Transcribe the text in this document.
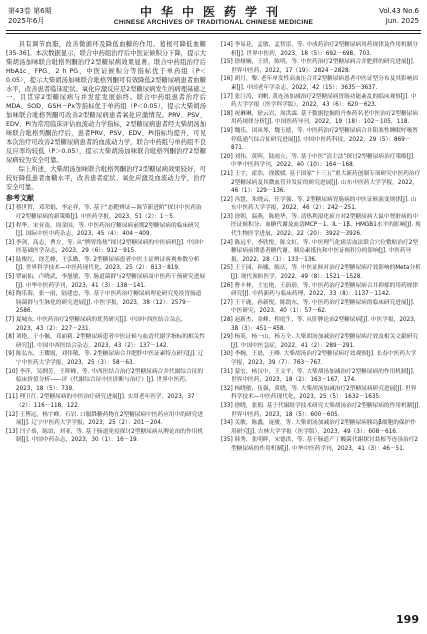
第43卷 第6期
2025年6月
中华中医药学刊
CHINESE ARCHIVES OF TRADITIONAL CHINESE MEDICINE
Vol.43 No.6
Jun. 2025

具有调节血脂，改善微循环及降低血糖的作用。葛根可降低血糖[35-36]。本次数据显示，联合中药组治疗后中医证候积分下降，提示大柴胡汤加味联合吡格列酮治疗2型糖尿病效果显著。联合中药组治疗后HbA1c、FPG、2 h PG、中医证候积分等指标优于单药组（P＜0.05），提示大柴胡汤加味联合吡格列酮可有效降低2型糖尿病患者血糖水平，改善患者临床症状。氧化应激反应是2型糖尿病发生的病理基础之一，且贯穿2型糖尿病与并发症发展始终。联合中药组患者治疗后MDA、SOD、GSH－Px等指标优于单药组（P＜0.05），提示大柴胡汤加味联合吡格列酮可改善2型糖尿病患者氧化应激情况。PRV、PSV、EDV、PI为常用临床评估血流动力学指标，2型糖尿病患者经大柴胡汤加味联合吡格列酮治疗后，患者PRV、PSV、EDV、PI指标均提升，可见本次治疗可改善2型糖尿病患者的血流动力学，联合中药组与单药组不良反应率均较低（P＞0.05），提示大柴胡汤加味联合吡格列酮治疗2型糖尿病较为安全可靠。

综上所述，大柴胡汤加味联合吡格列酮治疗2型糖尿病效果较好，可较好降低患者血糖水平，改善患者症状、氧化应激及血流动力学，治疗安全可靠。

参考文献

[1] 蔡世哲，邓荣娟，李定祥，等. 基于“态靶辨证—调节新进阶”探讨中医药治疗2型糖尿病的新策略[J]. 中医药学报，2023，51（2）：1－5.

[2] 程华，宋亚南，周金国，等. 中医药治疗糖尿病前期2型糖尿病的临床研究[J]. 国际中医中药杂志，2023，45（4）：404－409.

[3] 李剑，高志，曹方，等. 从“脾胃络热”探讨2型糖尿病的中医病机[J]. 中国中医基础医学杂志，2023，29（6）：912－915.

[4] 陆俊红，徐艺峰，王弘勤，等. 2型糖尿病患者中医主证辨证客观参数分析[J]. 世界科学技术—中医药现代化，2023，25（2）：813－819.

[5] 覃丽仙，卢晓武，李旭敏，等. 肠道菌群与2型糖尿病及中医药干预研究进展[J]. 中华中医药学刊，2023，41（3）：138－141.

[6] 陶乐海，张一雨，陆建忠，等. 基于中医药治疗糖尿病理论研究免疫胃肠道肠菌群与生脉化的研究进展[J]. 中医学报，2023，38（12）：2579－2586.

[7] 夏城东. 中医药治疗2型糖尿病的优势研究[J]. 中国中西医结合杂志，2023，43（2）：227－231.

[8] 刘艳，于小佩，邓丽莉. 2型糖尿病患者中医证候与血清代谢学指标的相关性研究[J]. 中国中西医结合杂志，2023，43（2）：137－142.

[9] 陈弘东，王耀霞，刘伟敬，等. 2型糖尿病合并肥胖中医证素特点研究[J]. 辽宁中医药大学学报，2023，25（3）：58－63.

[10] 李萍，吴纲芳，王晖峰，等. 中西医结合治疗2型糖尿病合并代谢综合征的临床价值分析——评《代谢综合征中医诊断与治疗》[J]. 世界中医药，2023，18（5）：739.

[11] 理卫红. 2型糖尿病的中医治疗研究进展[J]. 实用老年医学，2023，37（2）：116－118，122.

[12] 王博远，杨宇峰，石岩. 口服降糖药物在2型糖尿病中医药应用中的研究进展[J]. 辽宁中医药大学学报，2023，25（2）：201－204.

[13] 闫子恭，陈谊，刘亚，等. 基于肠道免疫探讨2型糖尿病从脾论治的作用机制[J]. 中国中药杂志，2023，30（1）：16－19.

[14] 李易花，孟敏，孟智雷，等. 中成药治疗2型糖尿病用药规律及作用机制分析[J]. 世界中医药，2023，18（5）：692－698，703.

[15] 徐娅娴，王质，陈明，等. 中医药治疗2型糖尿病合并肥胖的研究进展[J]. 世界中医药，2022，17（19）：2824－2828.

[16] 胡月，黎. 老年单发性高血压合并2型糖尿病患者中医证型分布及其影响因素[J]. 中国老年学杂志，2022，42（15）：3635－3637.

[17] 张汀涛，刘帆. 黄连汤加减治疗2型糖尿病胃肠功能紊乱的临床观察[J]. 中药大学学报（医学科学版），2022，43（6）：620－623.

[18] 祝琳琳，徐云岩，周洪霖. 基于数据挖掘的丹参药名老中医治疗2型糖尿病用药规律分析[J]. 中国医药导刊，2022，19（18）：102－105，118.

[19] 魏乐，国凤琴，魏玉德，等. 中医药治疗2型糖尿病合并阻塞性睡眠呼吸暂停低通气综合征研究进展[J]. 中国中医药科技，2022，29（5）：869－871.

[20] 刘伟，黄晖，陆雨立，等. 基于中医“清主法”探讨2型糖尿病治疗策略[J]. 中华中医药学刊，2022，40（10）：164－168.

[21] 王宇，霍浩，徐媛媛. 基于国家“十三五”重大新药创制专项研究中医药治疗2型糖尿病及其微血管并发症的研究进展[J]. 山东中医药大学学报，2022，46（1）：129－136.

[22] 冯慧，朱晓云，任学强，等. 2型糖尿病胃肠病的中医证候演变规律[J]. 山东中医药大学学报，2022，46（2）：242－251.

[23] 徐朝，温燕，陈艳华，等. 清热利湿化瘀方对2型糖尿病大鼠中肾脏病的中医证候积分、血糖代谢及血清MCP－1、IL－1β、HMGB1水平的影响[J]. 现代生物医学进展，2022，22（20）：3922－3926.

[24] 陈远平，李欣悦，陈文虹，等. 中医理气化痰活血法联合穴位敷贴治疗2型糖尿病前期患者糖代谢、胰岛素抵抗和中医证候积分的影响[J]. 中医药导报，2022，28（1）：133－136.

[25] 王于园，孙娜，陈庆，等. 中医证候对治疗2型糖尿病疗效影响的Meta分析[J]. 现代预防医学，2022，49（8）：1521－1528.

[26] 曹丰林，王宏艳，王蔚蔚，等. 中医药治疗2型糖尿病合并抑郁的用药规律研究[J]. 中药新药与临床药理，2022，33（8）：1137－1142.

[27] 王干鹿，孙新悦，陈凯东，等. 中医药治疗2型糖尿病的临床研究进展[J]. 中医研究，2023，40（1）：57－62.

[28] 赵新杰，金峰，程庭生，等. 从肝脾论治2型糖尿病[J]. 中医学报，2023，38（3）：451－458.

[29] 杨英，杨一山，杨万全. 大柴胡汤加减治疗2型糖尿病疗效及相关文献研究[J]. 中国中医急症，2022，41（2）：289－291.

[30] 李婉，王晨，王峰. 大柴胡汤治疗2型糖尿病疗效观察[J]. 长春中医药大学学报，2023，39（7）：763－767.

[31] 蒙宏，杨汉中，王文平，等. 大柴胡汤加减治疗2型糖尿病的作用机制[J]. 世界中医药，2023，18（2）：163－167，174.

[32] 杨晓敏，伍强，黄晓，等. 大柴胡汤加减治疗2型糖尿病研究进展[J]. 世界科学技术—中医药现代化，2023，25（5）：1632－1635.

[33] 徐晓，张娟. 基于代谢组学技术研究大柴胡汤治疗2型糖尿病的作用机制[J]. 世界中医药，2023，18（5）：600－605.

[34] 关敏，陈鑫，庞骏，等. 大柴胡汤加减治疗2型糖尿病胰岛β细胞的保护作用研究[J]. 吉林大学学报（医学版），2023，49（3）：608－616.

[35] 韩秀，张明晖，宋德洪，等. 基于肠道产丁酸菌代谢探讨葛根芩连汤治疗2型糖尿病的作用机制[J]. 中华中医药学刊，2023，41（3）：46－51.

199
